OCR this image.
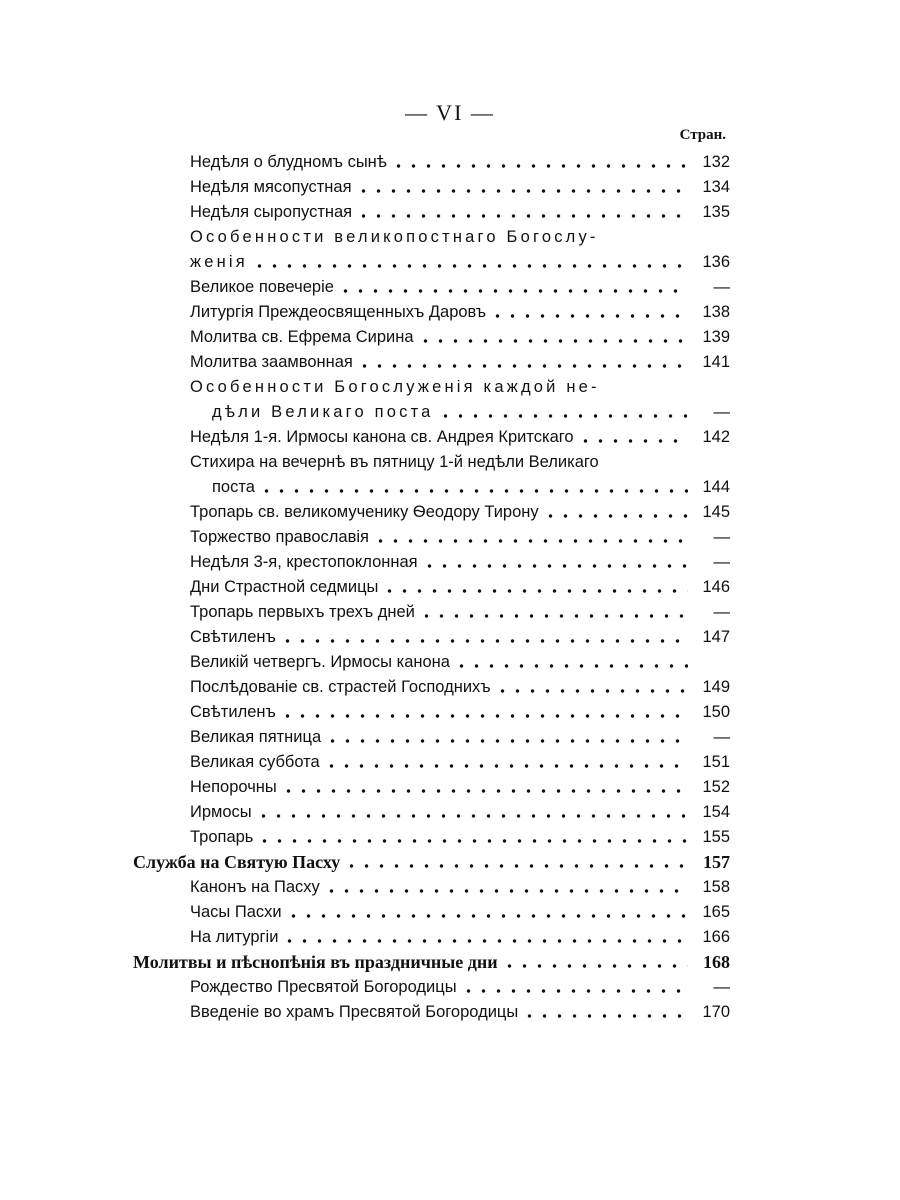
— VI —
Стран.
Недѣля о блудномъ сынѣ	132
Недѣля мясопустная	134
Недѣля сыропустная	135
Особенности великопостнаго Богослу-
женія	136
Великое повечеріе	—
Литургія Преждеосвященныхъ Даровъ	138
Молитва св. Ефрема Сирина	139
Молитва заамвонная	141
Особенности Богослуженія каждой не-
дѣли Великаго поста	—
Недѣля 1-я. Ирмосы канона св. Андрея Критскаго	142
Стихира на вечернѣ въ пятницу 1-й недѣли Великаго
поста	144
Тропарь св. великомученику Ѳеодору Тирону	145
Торжество православія	—
Недѣля 3-я, крестопоклонная	—
Дни Страстной седмицы	146
Тропарь первыхъ трехъ дней	—
Свѣтиленъ	147
Великій четвергъ. Ирмосы канона
Послѣдованіе св. страстей Господнихъ	149
Свѣтиленъ	150
Великая пятница	—
Великая суббота	151
Непорочны	152
Ирмосы	154
Тропарь	155
Служба на Святую Пасху	157
Канонъ на Пасху	158
Часы Пасхи	165
На литургіи	166
Молитвы и пѣснопѣнія въ праздничные дни	168
Рождество Пресвятой Богородицы	—
Введеніе во храмъ Пресвятой Богородицы	170
